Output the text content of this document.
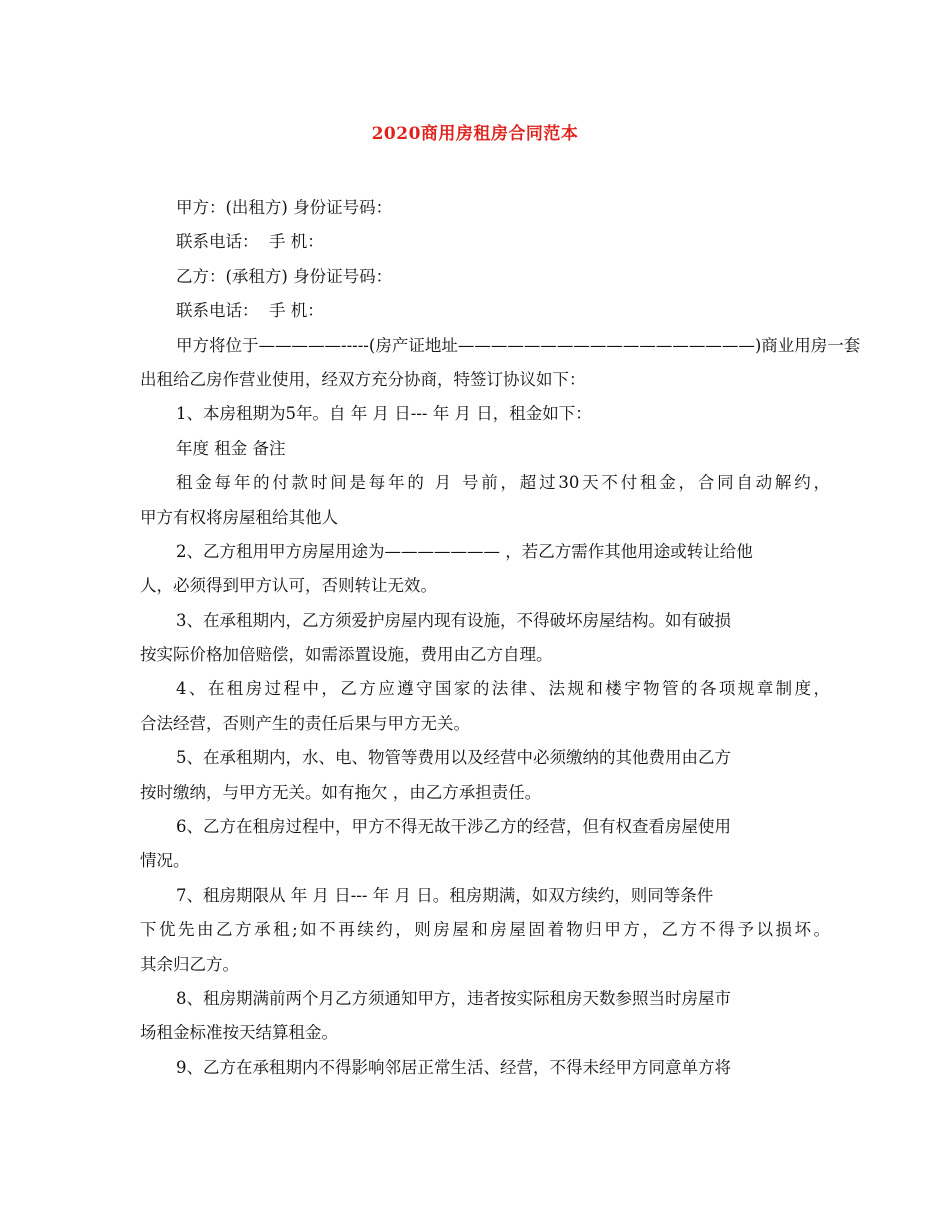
2020商用房租房合同范本
甲方：(出租方) 身份证号码：
联系电话：  手 机：
乙方：(承租方) 身份证号码：
联系电话：  手 机：
甲方将位于—————-----(房产证地址——————————————————)商业用房一套
出租给乙房作营业使用，经双方充分协商，特签订协议如下：
1、本房租期为5年。自 年 月 日--- 年 月 日，租金如下：
年度 租金 备注
租金每年的付款时间是每年的 月 号前，超过30天不付租金，合同自动解约，
甲方有权将房屋租给其他人
2、乙方租用甲方房屋用途为——————— ，若乙方需作其他用途或转让给他
人，必须得到甲方认可，否则转让无效。
3、在承租期内，乙方须爱护房屋内现有设施，不得破坏房屋结构。如有破损
按实际价格加倍赔偿，如需添置设施，费用由乙方自理。
4、在租房过程中，乙方应遵守国家的法律、法规和楼宇物管的各项规章制度，
合法经营，否则产生的责任后果与甲方无关。
5、在承租期内，水、电、物管等费用以及经营中必须缴纳的其他费用由乙方
按时缴纳，与甲方无关。如有拖欠 ，由乙方承担责任。
6、乙方在租房过程中，甲方不得无故干涉乙方的经营，但有权查看房屋使用
情况。
7、租房期限从 年 月 日--- 年 月 日。租房期满，如双方续约，则同等条件
下优先由乙方承租;如不再续约，则房屋和房屋固着物归甲方，乙方不得予以损坏。
其余归乙方。
8、租房期满前两个月乙方须通知甲方，违者按实际租房天数参照当时房屋市
场租金标准按天结算租金。
9、乙方在承租期内不得影响邻居正常生活、经营，不得未经甲方同意单方将
